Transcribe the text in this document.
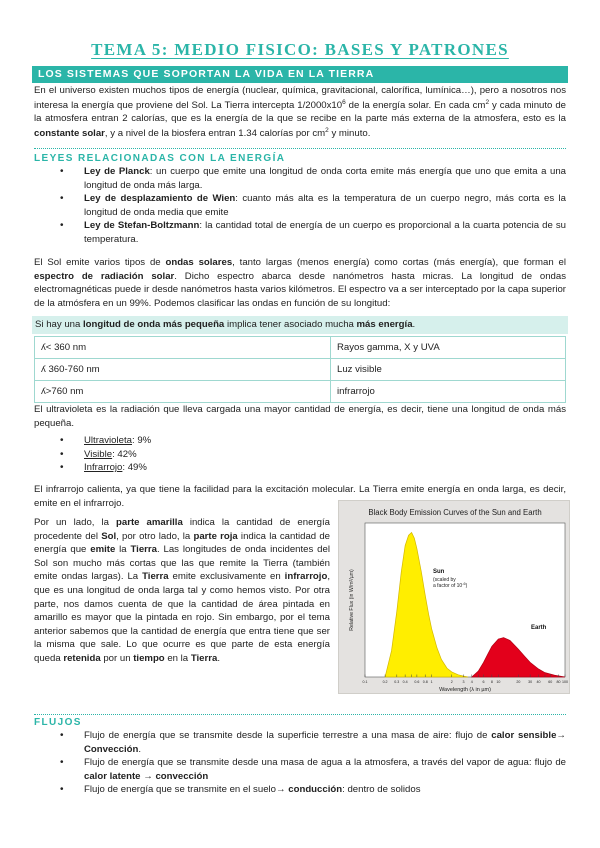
TEMA 5: MEDIO FISICO: BASES Y PATRONES
LOS SISTEMAS QUE SOPORTAN LA VIDA EN LA TIERRA
En el universo existen muchos tipos de energía (nuclear, química, gravitacional, calorífica, lumínica…), pero a nosotros nos interesa la energía que proviene del Sol. La Tierra intercepta $1/2000x10^6$ de la energía solar. En cada $cm^2$ y cada minuto de la atmosfera entran 2 calorías, que es la energía de la que se recibe en la parte más externa de la atmosfera, esto es la constante solar, y a nivel de la biosfera entran 1.34 calorías por $cm^2$ y minuto.
LEYES RELACIONADAS CON LA ENERGÍA
• Ley de Planck: un cuerpo que emite una longitud de onda corta emite más energía que uno que emita a una longitud de onda más larga.
• Ley de desplazamiento de Wien: cuanto más alta es la temperatura de un cuerpo negro, más corta es la longitud de onda media que emite
• Ley de Stefan-Boltzmann: la cantidad total de energía de un cuerpo es proporcional a la cuarta potencia de su temperatura.
El Sol emite varios tipos de ondas solares, tanto largas (menos energía) como cortas (más energía), que forman el espectro de radiación solar. Dicho espectro abarca desde nanómetros hasta micras. La longitud de ondas electromagnéticas puede ir desde nanómetros hasta varios kilómetros. El espectro va a ser interceptado por la capa superior de la atmósfera en un 99%. Podemos clasificar las ondas en función de su longitud:
Si hay una longitud de onda más pequeña implica tener asociado mucha más energía.
ʎ< 360 nm	Rayos gamma, X y UVA
ʎ 360-760 nm	Luz visible
ʎ>760 nm	infrarrojo
El ultravioleta es la radiación que lleva cargada una mayor cantidad de energía, es decir, tiene una longitud de onda más pequeña.
• Ultravioleta: 9%
• Visible: 42%
• Infrarrojo: 49%
El infrarrojo calienta, ya que tiene la facilidad para la excitación molecular. La Tierra emite energía en onda larga, es decir, emite en el infrarrojo.
Por un lado, la parte amarilla indica la cantidad de energía procedente del Sol, por otro lado, la parte roja indica la cantidad de energía que emite la Tierra. Las longitudes de onda incidentes del Sol son mucho más cortas que las que remite la Tierra (también emite ondas largas). La Tierra emite exclusivamente en infrarrojo, que es una longitud de onda larga tal y como hemos visto. Por otra parte, nos damos cuenta de que la cantidad de área pintada en amarillo es mayor que la pintada en rojo. Sin embargo, por el tema anterior sabemos que la cantidad de energía que entra tiene que ser la misma que sale. Lo que ocurre es que parte de esta energía queda retenida por un tiempo en la Tierra.
Black Body Emission Curves of the Sun and Earth
0.1	0.2 0.3 0.4 0.6 0.8 1	2	3 4	6 8 10	20 30 40 60 80 100
Wavelength (λ in µm)
Relative Flux (in W/m²/µm)	Sun
(scaled by a factor of $10^{-6}$)
Earth
FLUJOS
• Flujo de energía que se transmite desde la superficie terrestre a una masa de aire: flujo de calor sensible→ Convección.
• Flujo de energía que se transmite desde una masa de agua a la atmosfera, a través del vapor de agua: flujo de calor latente → convección
• Flujo de energía que se transmite en el suelo→ conducción: dentro de solidos
